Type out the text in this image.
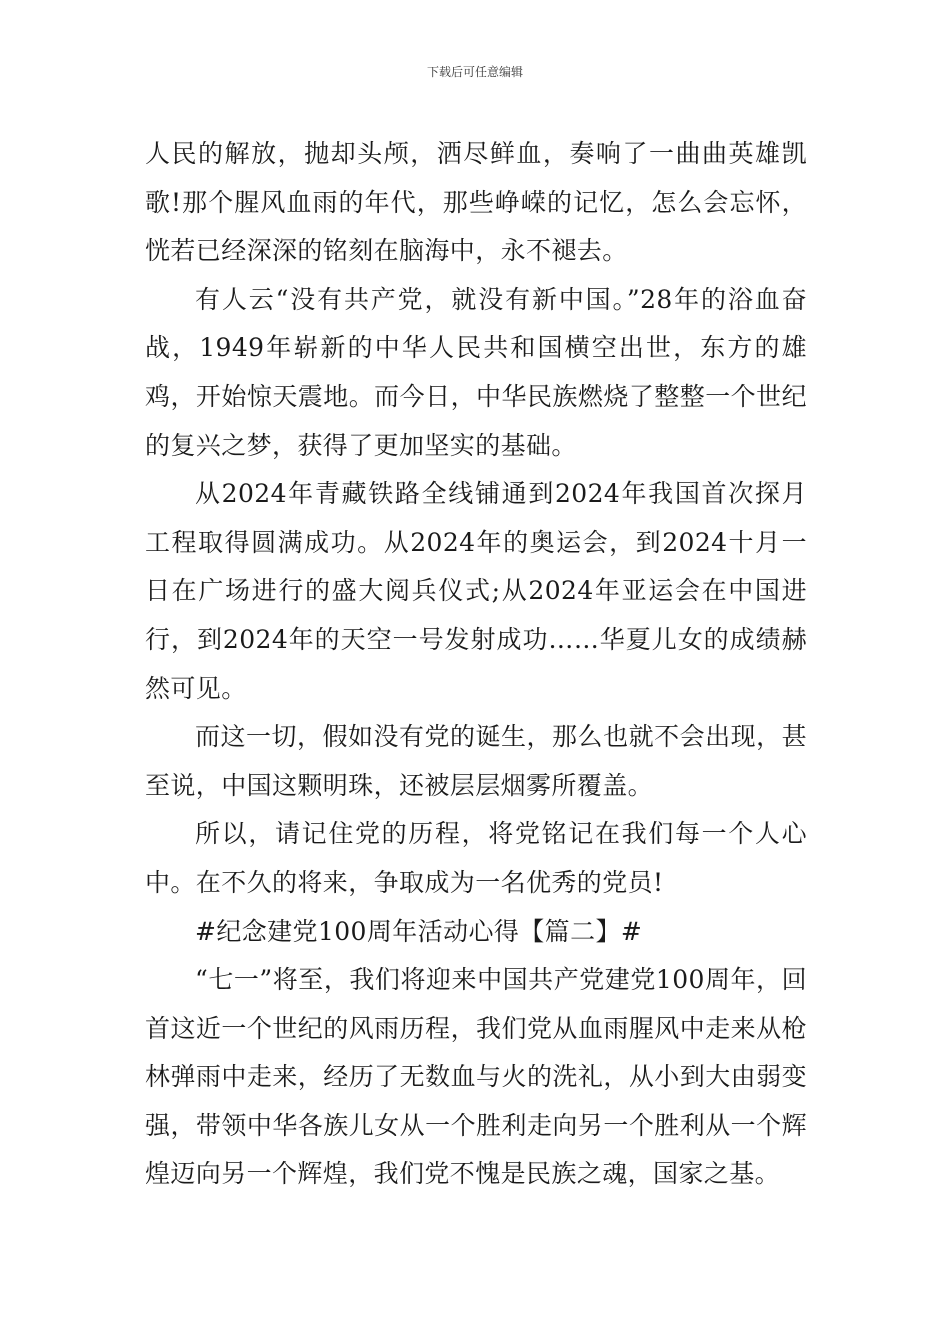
下载后可任意编辑

人民的解放，抛却头颅，洒尽鲜血，奏响了一曲曲英雄凯歌!那个腥风血雨的年代，那些峥嵘的记忆，怎么会忘怀，恍若已经深深的铭刻在脑海中，永不褪去。

有人云“没有共产党，就没有新中国。”28年的浴血奋战，1949年崭新的中华人民共和国横空出世，东方的雄鸡，开始惊天震地。而今日，中华民族燃烧了整整一个世纪的复兴之梦，获得了更加坚实的基础。

从2024年青藏铁路全线铺通到2024年我国首次探月工程取得圆满成功。从2024年的奥运会，到2024十月一日在广场进行的盛大阅兵仪式;从2024年亚运会在中国进行，到2024年的天空一号发射成功……华夏儿女的成绩赫然可见。

而这一切，假如没有党的诞生，那么也就不会出现，甚至说，中国这颗明珠，还被层层烟雾所覆盖。

所以，请记住党的历程，将党铭记在我们每一个人心中。在不久的将来，争取成为一名优秀的党员!

#纪念建党100周年活动心得【篇二】#

“七一”将至，我们将迎来中国共产党建党100周年，回首这近一个世纪的风雨历程，我们党从血雨腥风中走来从枪林弹雨中走来，经历了无数血与火的洗礼，从小到大由弱变强，带领中华各族儿女从一个胜利走向另一个胜利从一个辉煌迈向另一个辉煌，我们党不愧是民族之魂，国家之基。
